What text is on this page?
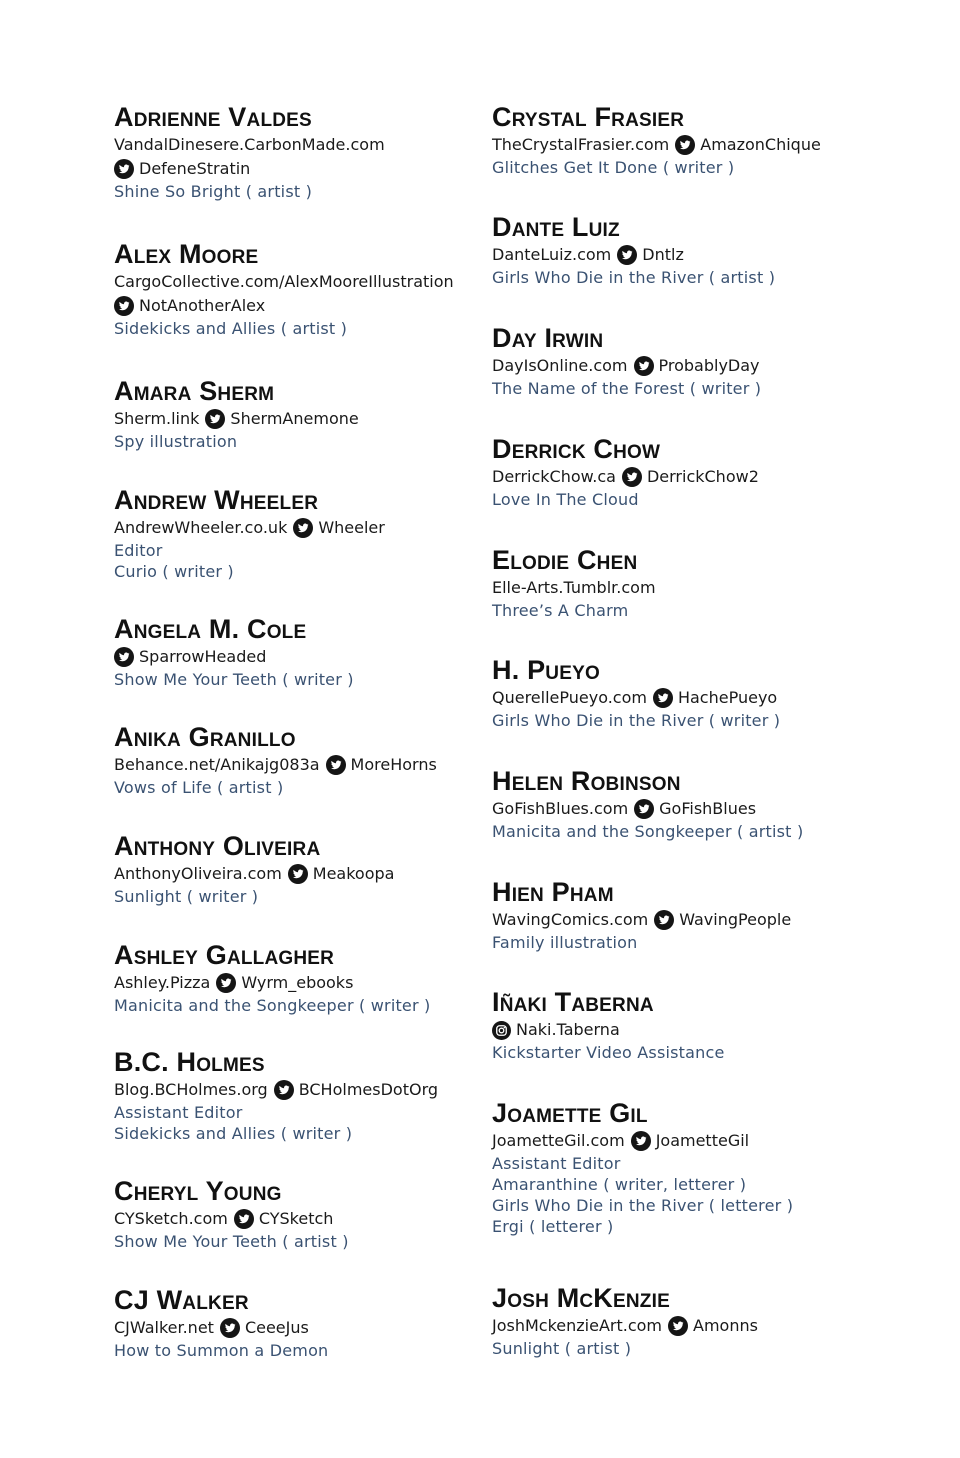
Adrienne Valdes

VandalDinesere.CarbonMade.com

DefeneStratin

Shine So Bright ( artist )

Alex Moore

CargoCollective.com/AlexMooreIllustration

NotAnotherAlex

Sidekicks and Allies ( artist )

Amara Sherm

Sherm.link ShermAnemone

Spy illustration

Andrew Wheeler

AndrewWheeler.co.uk Wheeler

Editor

Curio ( writer )

Angela M. Cole

SparrowHeaded

Show Me Your Teeth ( writer )

Anika Granillo

Behance.net/Anikajg083a MoreHorns

Vows of Life ( artist )

Anthony Oliveira

AnthonyOliveira.com Meakoopa

Sunlight ( writer )

Ashley Gallagher

Ashley.Pizza Wyrm_ebooks

Manicita and the Songkeeper ( writer )

B.C. Holmes

Blog.BCHolmes.org BCHolmesDotOrg

Assistant Editor

Sidekicks and Allies ( writer )

Cheryl Young

CYSketch.com CYSketch

Show Me Your Teeth ( artist )

CJ Walker

CJWalker.net CeeeJus

How to Summon a Demon

Crystal Frasier

TheCrystalFrasier.com AmazonChique

Glitches Get It Done ( writer )

Dante Luiz

DanteLuiz.com Dntlz

Girls Who Die in the River ( artist )

Day Irwin

DayIsOnline.com ProbablyDay

The Name of the Forest ( writer )

Derrick Chow

DerrickChow.ca DerrickChow2

Love In The Cloud

Elodie Chen

Elle-Arts.Tumblr.com

Three’s A Charm

H. Pueyo

QuerellePueyo.com HachePueyo

Girls Who Die in the River ( writer )

Helen Robinson

GoFishBlues.com GoFishBlues

Manicita and the Songkeeper ( artist )

Hien Pham

WavingComics.com WavingPeople

Family illustration

Iñaki Taberna

Naki.Taberna

Kickstarter Video Assistance

Joamette Gil

JoametteGil.com JoametteGil

Assistant Editor

Amaranthine ( writer, letterer )

Girls Who Die in the River ( letterer )

Ergi ( letterer )

Josh McKenzie

JoshMckenzieArt.com Amonns

Sunlight ( artist )
